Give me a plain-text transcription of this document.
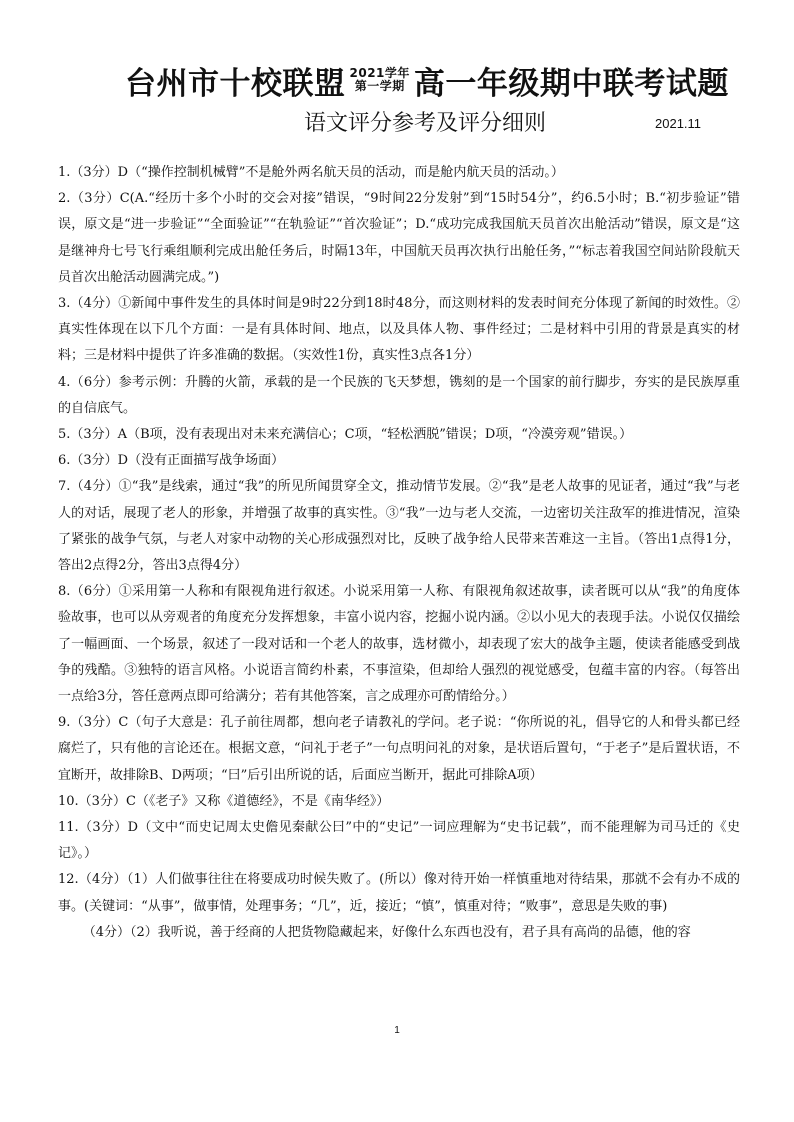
台州市十校联盟 2021学年
第一学期 高一年级期中联考试题
语文评分参考及评分细则	2021.11

1.（3分）D（“操作控制机械臂”不是舱外两名航天员的活动，而是舱内航天员的活动。）

2.（3分）C(A.“经历十多个小时的交会对接”错误，“9时间22分发射”到“15时54分”，约6.5小时；B.“初步验证”错误，原文是“进一步验证”“全面验证”“在轨验证”“首次验证”；D.“成功完成我国航天员首次出舱活动”错误，原文是“这是继神舟七号飞行乘组顺利完成出舱任务后，时隔13年，中国航天员再次执行出舱任务，”“标志着我国空间站阶段航天员首次出舱活动圆满完成。”)

3.（4分）①新闻中事件发生的具体时间是9时22分到18时48分，而这则材料的发表时间充分体现了新闻的时效性。②真实性体现在以下几个方面：一是有具体时间、地点，以及具体人物、事件经过；二是材料中引用的背景是真实的材料；三是材料中提供了许多准确的数据。（实效性1份，真实性3点各1分）

4.（6分）参考示例：升腾的火箭，承载的是一个民族的飞天梦想，镌刻的是一个国家的前行脚步，夯实的是民族厚重的自信底气。

5.（3分）A（B项，没有表现出对未来充满信心；C项，“轻松洒脱”错误；D项，“冷漠旁观”错误。）

6.（3分）D（没有正面描写战争场面）

7.（4分）①“我”是线索，通过“我”的所见所闻贯穿全文，推动情节发展。②“我”是老人故事的见证者，通过“我”与老人的对话，展现了老人的形象，并增强了故事的真实性。③“我”一边与老人交流，一边密切关注敌军的推进情况，渲染了紧张的战争气氛，与老人对家中动物的关心形成强烈对比，反映了战争给人民带来苦难这一主旨。（答出1点得1分，答出2点得2分，答出3点得4分）

8.（6分）①采用第一人称和有限视角进行叙述。小说采用第一人称、有限视角叙述故事，读者既可以从“我”的角度体验故事，也可以从旁观者的角度充分发挥想象，丰富小说内容，挖掘小说内涵。②以小见大的表现手法。小说仅仅描绘了一幅画面、一个场景，叙述了一段对话和一个老人的故事，选材微小，却表现了宏大的战争主题，使读者能感受到战争的残酷。③独特的语言风格。小说语言简约朴素，不事渲染，但却给人强烈的视觉感受，包蕴丰富的内容。（每答出一点给3分，答任意两点即可给满分；若有其他答案，言之成理亦可酌情给分。）

9.（3分）C（句子大意是：孔子前往周都，想向老子请教礼的学问。老子说：“你所说的礼，倡导它的人和骨头都已经腐烂了，只有他的言论还在。根据文意，“问礼于老子”一句点明问礼的对象，是状语后置句，“于老子”是后置状语，不宜断开，故排除B、D两项；“曰”后引出所说的话，后面应当断开，据此可排除A项）

10.（3分）C（《老子》又称《道德经》，不是《南华经》）

11.（3分）D（文中“而史记周太史儋见秦献公曰”中的“史记”一词应理解为“史书记载”，而不能理解为司马迁的《史记》。）

12.（4分）（1）人们做事往往在将要成功时候失败了。(所以）像对待开始一样慎重地对待结果，那就不会有办不成的事。(关键词：“从事”，做事情，处理事务；“几”，近，接近；“慎”，慎重对待；“败事”，意思是失败的事)

（4分）（2）我听说，善于经商的人把货物隐藏起来，好像什么东西也没有，君子具有高尚的品德，他的容

1
